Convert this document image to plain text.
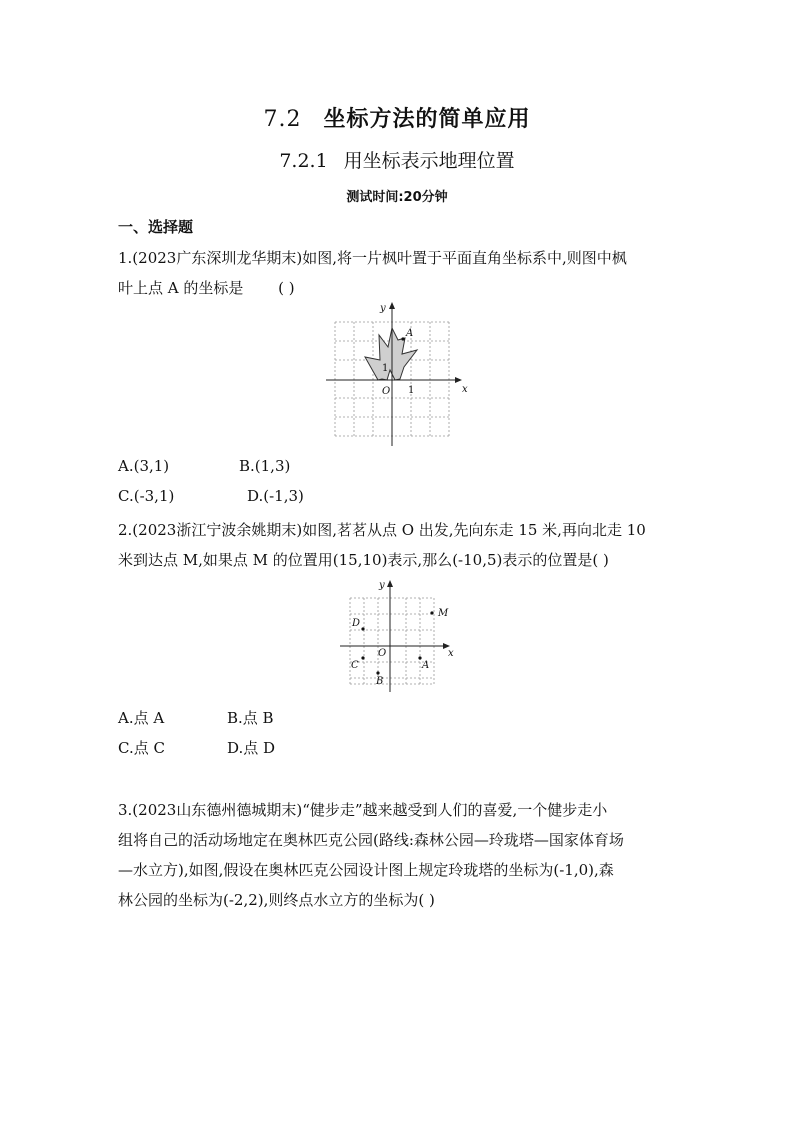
7.2 坐标方法的简单应用
7.2.1 用坐标表示地理位置
测试时间:20分钟
一、选择题
1.(2023广东深圳龙华期末)如图,将一片枫叶置于平面直角坐标系中,则图中枫
叶上点 A 的坐标是 ( )
x
y
O
A
1
1
A.(3,1)	B.(1,3)
C.(-3,1)	D.(-1,3)
2.(2023浙江宁波余姚期末)如图,茗茗从点 O 出发,先向东走 15 米,再向北走 10
米到达点 M,如果点 M 的位置用(15,10)表示,那么(-10,5)表示的位置是( )
x
y
O
M
D
C
B
A
A.点 A	B.点 B
C.点 C	D.点 D
3.(2023山东德州德城期末)“健步走”越来越受到人们的喜爱,一个健步走小
组将自己的活动场地定在奥林匹克公园(路线:森林公园—玲珑塔—国家体育场
—水立方),如图,假设在奥林匹克公园设计图上规定玲珑塔的坐标为(-1,0),森
林公园的坐标为(-2,2),则终点水立方的坐标为( )
